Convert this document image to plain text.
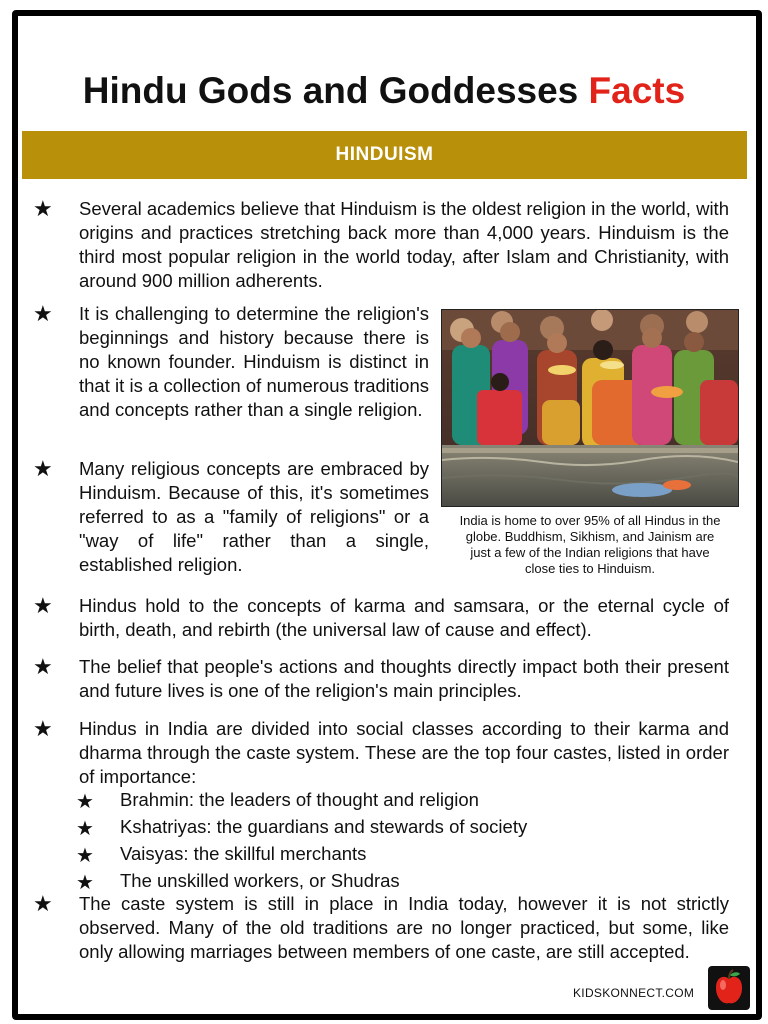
Hindu Gods and Goddesses Facts
HINDUISM
★ Several academics believe that Hinduism is the oldest religion in the world, with origins and practices stretching back more than 4,000 years. Hinduism is the third most popular religion in the world today, after Islam and Christianity, with around 900 million adherents.
★ It is challenging to determine the religion's beginnings and history because there is no known founder. Hinduism is distinct in that it is a collection of numerous traditions and concepts rather than a single religion.
India is home to over 95% of all Hindus in the globe. Buddhism, Sikhism, and Jainism are just a few of the Indian religions that have close ties to Hinduism.
★ Many religious concepts are embraced by Hinduism. Because of this, it's sometimes referred to as a "family of religions" or a "way of life" rather than a single, established religion.
★ Hindus hold to the concepts of karma and samsara, or the eternal cycle of birth, death, and rebirth (the universal law of cause and effect).
★ The belief that people's actions and thoughts directly impact both their present and future lives is one of the religion's main principles.
★ Hindus in India are divided into social classes according to their karma and dharma through the caste system. These are the top four castes, listed in order of importance:
★ Brahmin: the leaders of thought and religion
★ Kshatriyas: the guardians and stewards of society
★ Vaisyas: the skillful merchants
★ The unskilled workers, or Shudras
★ The caste system is still in place in India today, however it is not strictly observed. Many of the old traditions are no longer practiced, but some, like only allowing marriages between members of one caste, are still accepted.
KIDSKONNECT.COM
